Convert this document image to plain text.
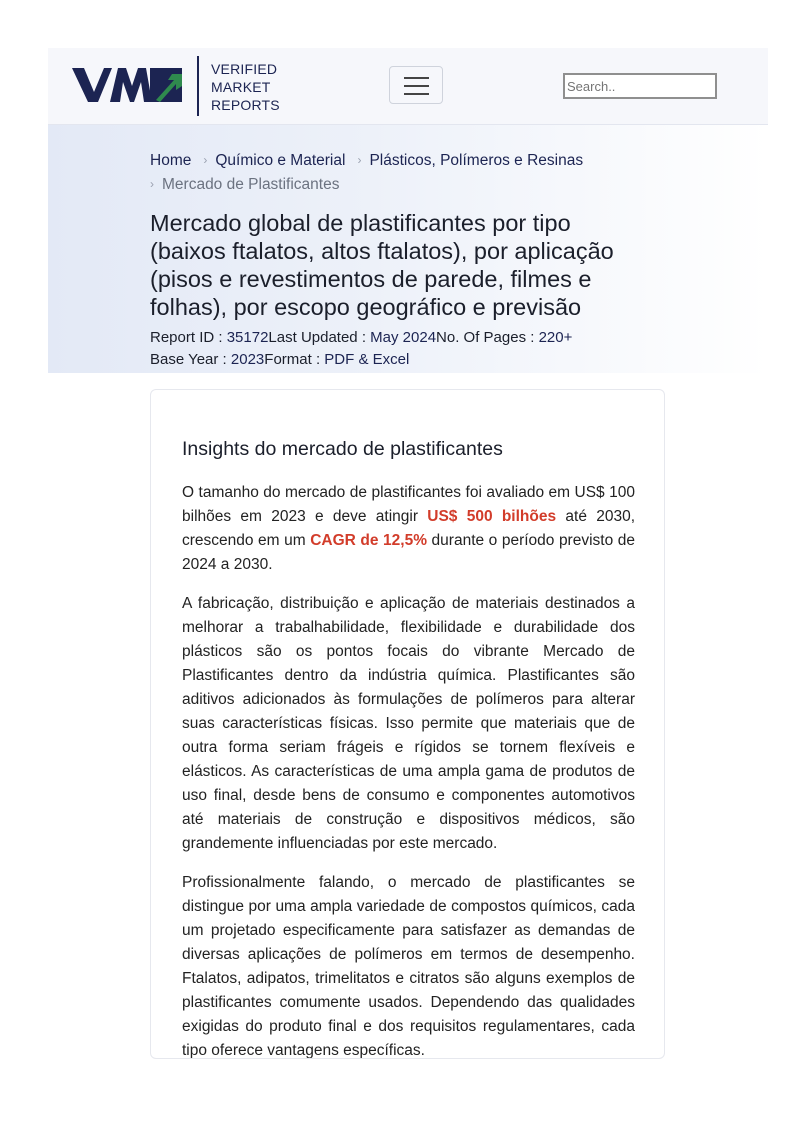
VERIFIED
MARKET
REPORTS
Search..
Home › Químico e Material › Plásticos, Polímeros e Resinas
› Mercado de Plastificantes
Mercado global de plastificantes por tipo (baixos ftalatos, altos ftalatos), por aplicação (pisos e revestimentos de parede, filmes e folhas), por escopo geográfico e previsão
Report ID : 35172Last Updated : May 2024No. Of Pages : 220+
Base Year : 2023Format : PDF & Excel
Insights do mercado de plastificantes

O tamanho do mercado de plastificantes foi avaliado em US$ 100 bilhões em 2023 e deve atingir US$ 500 bilhões até 2030, crescendo em um CAGR de 12,5% durante o período previsto de 2024 a 2030.

A fabricação, distribuição e aplicação de materiais destinados a melhorar a trabalhabilidade, flexibilidade e durabilidade dos plásticos são os pontos focais do vibrante Mercado de Plastificantes dentro da indústria química. Plastificantes são aditivos adicionados às formulações de polímeros para alterar suas características físicas. Isso permite que materiais que de outra forma seriam frágeis e rígidos se tornem flexíveis e elásticos. As características de uma ampla gama de produtos de uso final, desde bens de consumo e componentes automotivos até materiais de construção e dispositivos médicos, são grandemente influenciadas por este mercado.

Profissionalmente falando, o mercado de plastificantes se distingue por uma ampla variedade de compostos químicos, cada um projetado especificamente para satisfazer as demandas de diversas aplicações de polímeros em termos de desempenho. Ftalatos, adipatos, trimelitatos e citratos são alguns exemplos de plastificantes comumente usados. Dependendo das qualidades exigidas do produto final e dos requisitos regulamentares, cada tipo oferece vantagens específicas.
